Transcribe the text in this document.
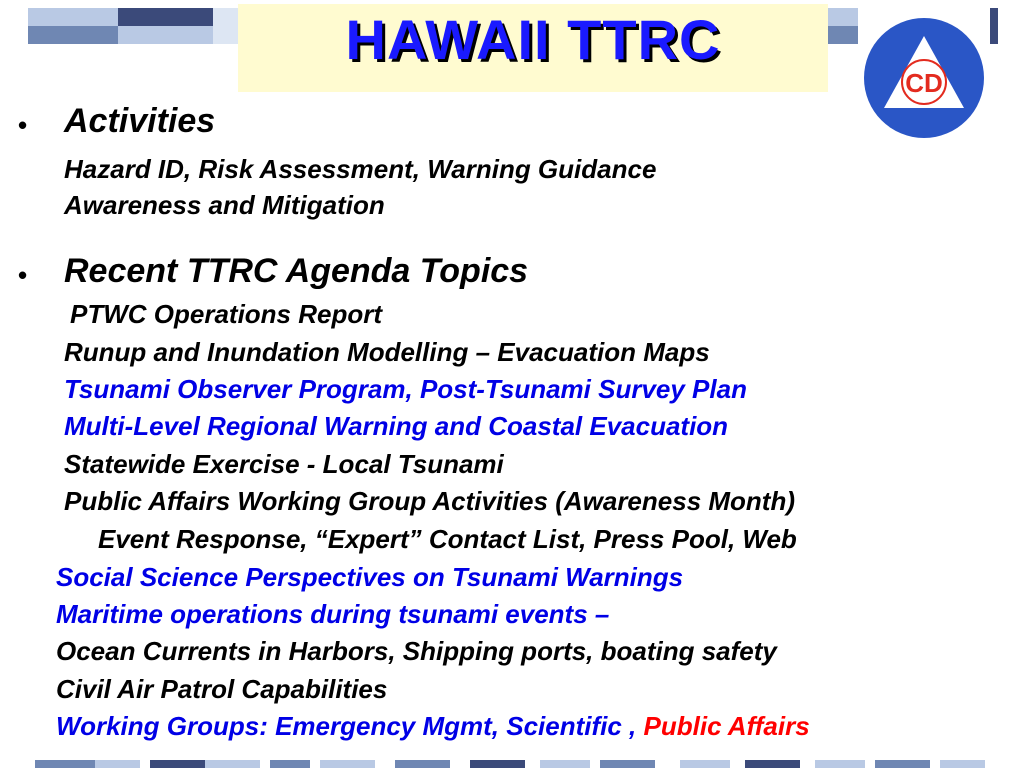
HAWAII TTRC
CD
• Activities
Hazard ID, Risk Assessment, Warning Guidance
Awareness and Mitigation
• Recent TTRC Agenda Topics
PTWC Operations Report
Runup and Inundation Modelling – Evacuation Maps
Tsunami Observer Program, Post-Tsunami Survey Plan
Multi-Level Regional Warning and Coastal Evacuation
Statewide Exercise - Local Tsunami
Public Affairs Working Group Activities (Awareness Month)
Event Response, “Expert” Contact List, Press Pool, Web
Social Science Perspectives on Tsunami Warnings
Maritime operations during tsunami events –
Ocean Currents in Harbors, Shipping ports, boating safety
Civil Air Patrol Capabilities
Working Groups: Emergency Mgmt, Scientific , Public Affairs
